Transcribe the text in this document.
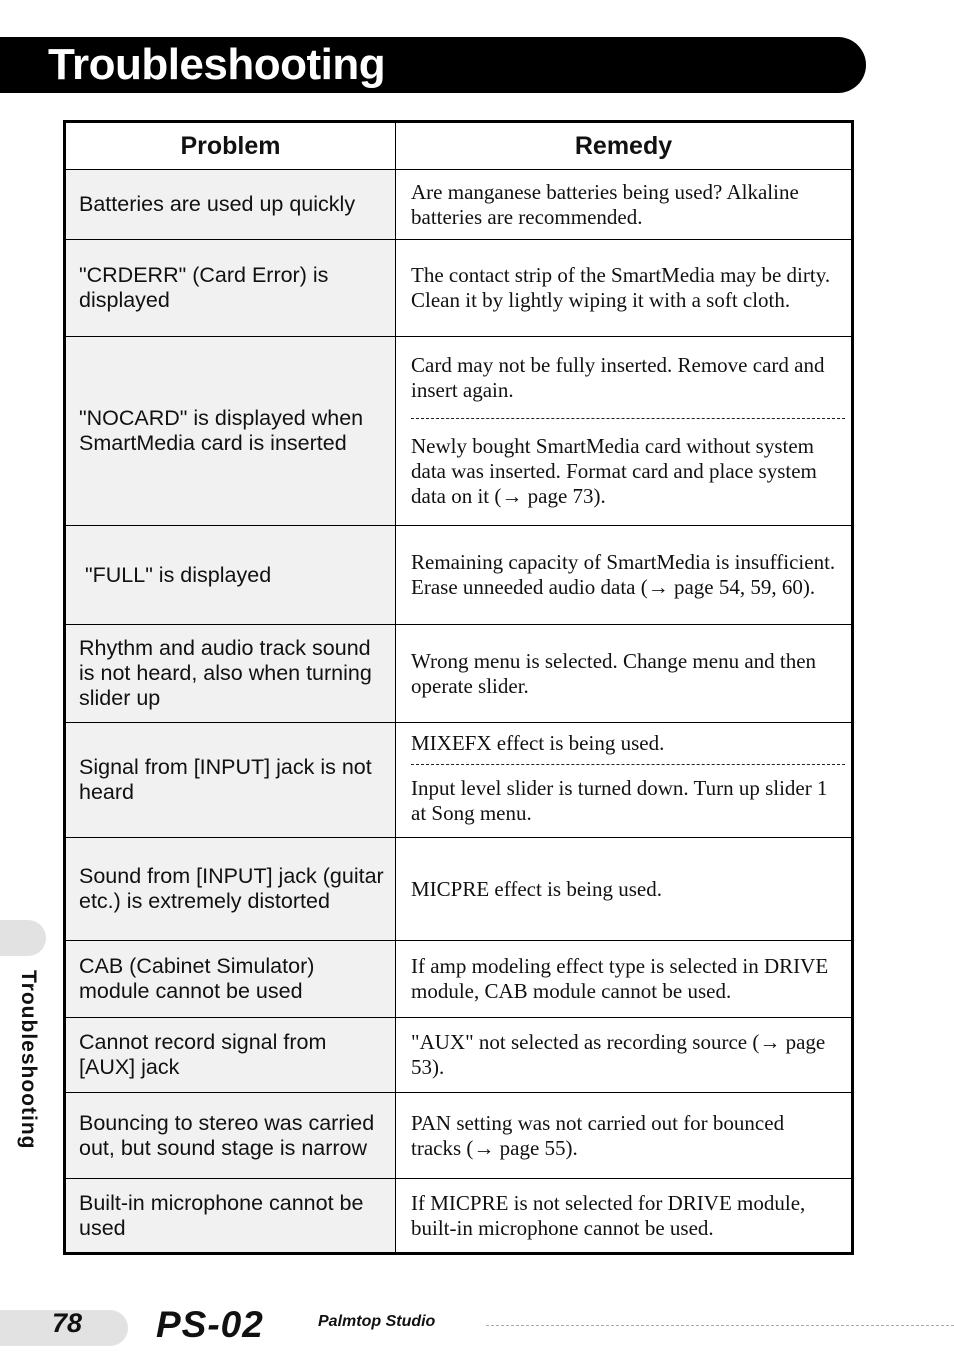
Troubleshooting
Troubleshooting
Problem	Remedy
Batteries are used up quickly	Are manganese batteries being used? Alkaline batteries are recommended.
"CRDERR" (Card Error) is displayed	The contact strip of the SmartMedia may be dirty. Clean it by lightly wiping it with a soft cloth.
"NOCARD" is displayed when SmartMedia card is inserted	Card may not be fully inserted. Remove card and insert again.
Newly bought SmartMedia card without system data was inserted. Format card and place system data on it (→ page 73).

"FULL" is displayed	Remaining capacity of SmartMedia is insufficient. Erase unneeded audio data (→ page 54, 59, 60).
Rhythm and audio track sound is not heard, also when turning slider up	Wrong menu is selected. Change menu and then operate slider.
Signal from [INPUT] jack is not heard	MIXEFX effect is being used.
Input level slider is turned down. Turn up slider 1 at Song menu.

Sound from [INPUT] jack (guitar etc.) is extremely distorted	MICPRE effect is being used.
CAB (Cabinet Simulator) module cannot be used	If amp modeling effect type is selected in DRIVE module, CAB module cannot be used.
Cannot record signal from [AUX] jack	"AUX" not selected as recording source (→ page 53).
Bouncing to stereo was carried out, but sound stage is narrow	PAN setting was not carried out for bounced tracks (→ page 55).
Built-in microphone cannot be used	If MICPRE is not selected for DRIVE module, built-in microphone cannot be used.
78 PS-02	Palmtop Studio
